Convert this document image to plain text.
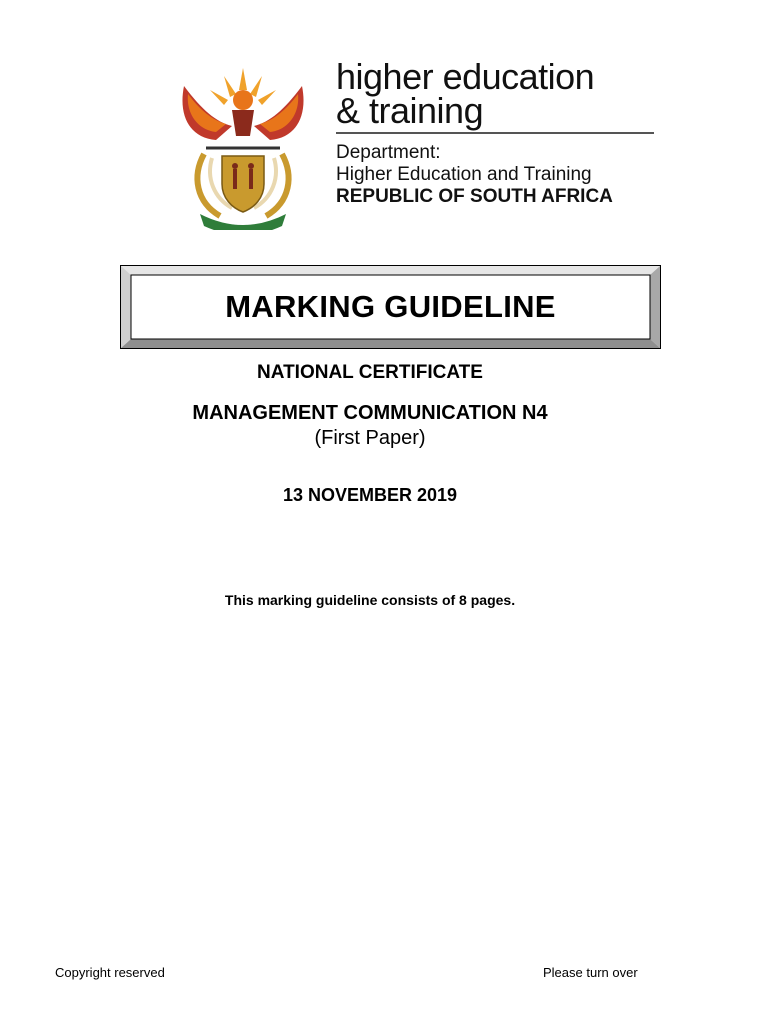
· · · · · ·
higher education
& training
Department:
Higher Education and Training
REPUBLIC OF SOUTH AFRICA
MARKING GUIDELINE
NATIONAL CERTIFICATE
MANAGEMENT COMMUNICATION N4
(First Paper)
13 NOVEMBER 2019
This marking guideline consists of 8 pages.
Copyright reserved	Please turn over
